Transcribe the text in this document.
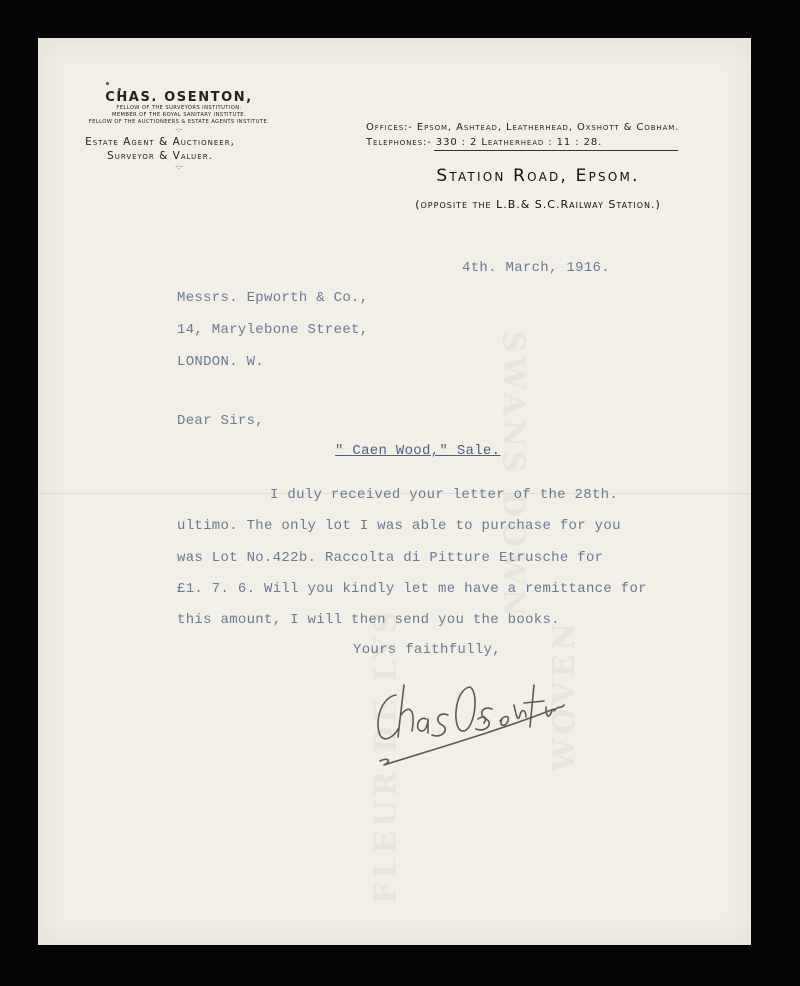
SWANS DOWN
FLEUR DE LYS	WOVEN
CHAS. OSENTON,
FELLOW OF THE SURVEYORS INSTITUTION.
MEMBER OF THE ROYAL SANITARY INSTITUTE.
FELLOW OF THE AUCTIONEERS & ESTATE AGENTS INSTITUTE.
-:-
Estate Agent & Auctioneer,
Surveyor & Valuer.
-:-
Offices:- Epsom, Ashtead, Leatherhead, Oxshott & Cobham.
Telephones:- 330 : 2 Leatherhead : 11 : 28.
Station Road, Epsom.
(opposite the L.B.& S.C.Railway Station.)
4th. March, 1916.
Messrs. Epworth & Co.,
14, Marylebone Street,
LONDON. W.
Dear Sirs,
" Caen Wood," Sale.
I duly received your letter of the 28th.
ultimo. The only lot I was able to purchase for you
was Lot No.422b. Raccolta di Pitture Etrusche for
£1. 7. 6. Will you kindly let me have a remittance for
this amount, I will then send you the books.
Yours faithfully,
